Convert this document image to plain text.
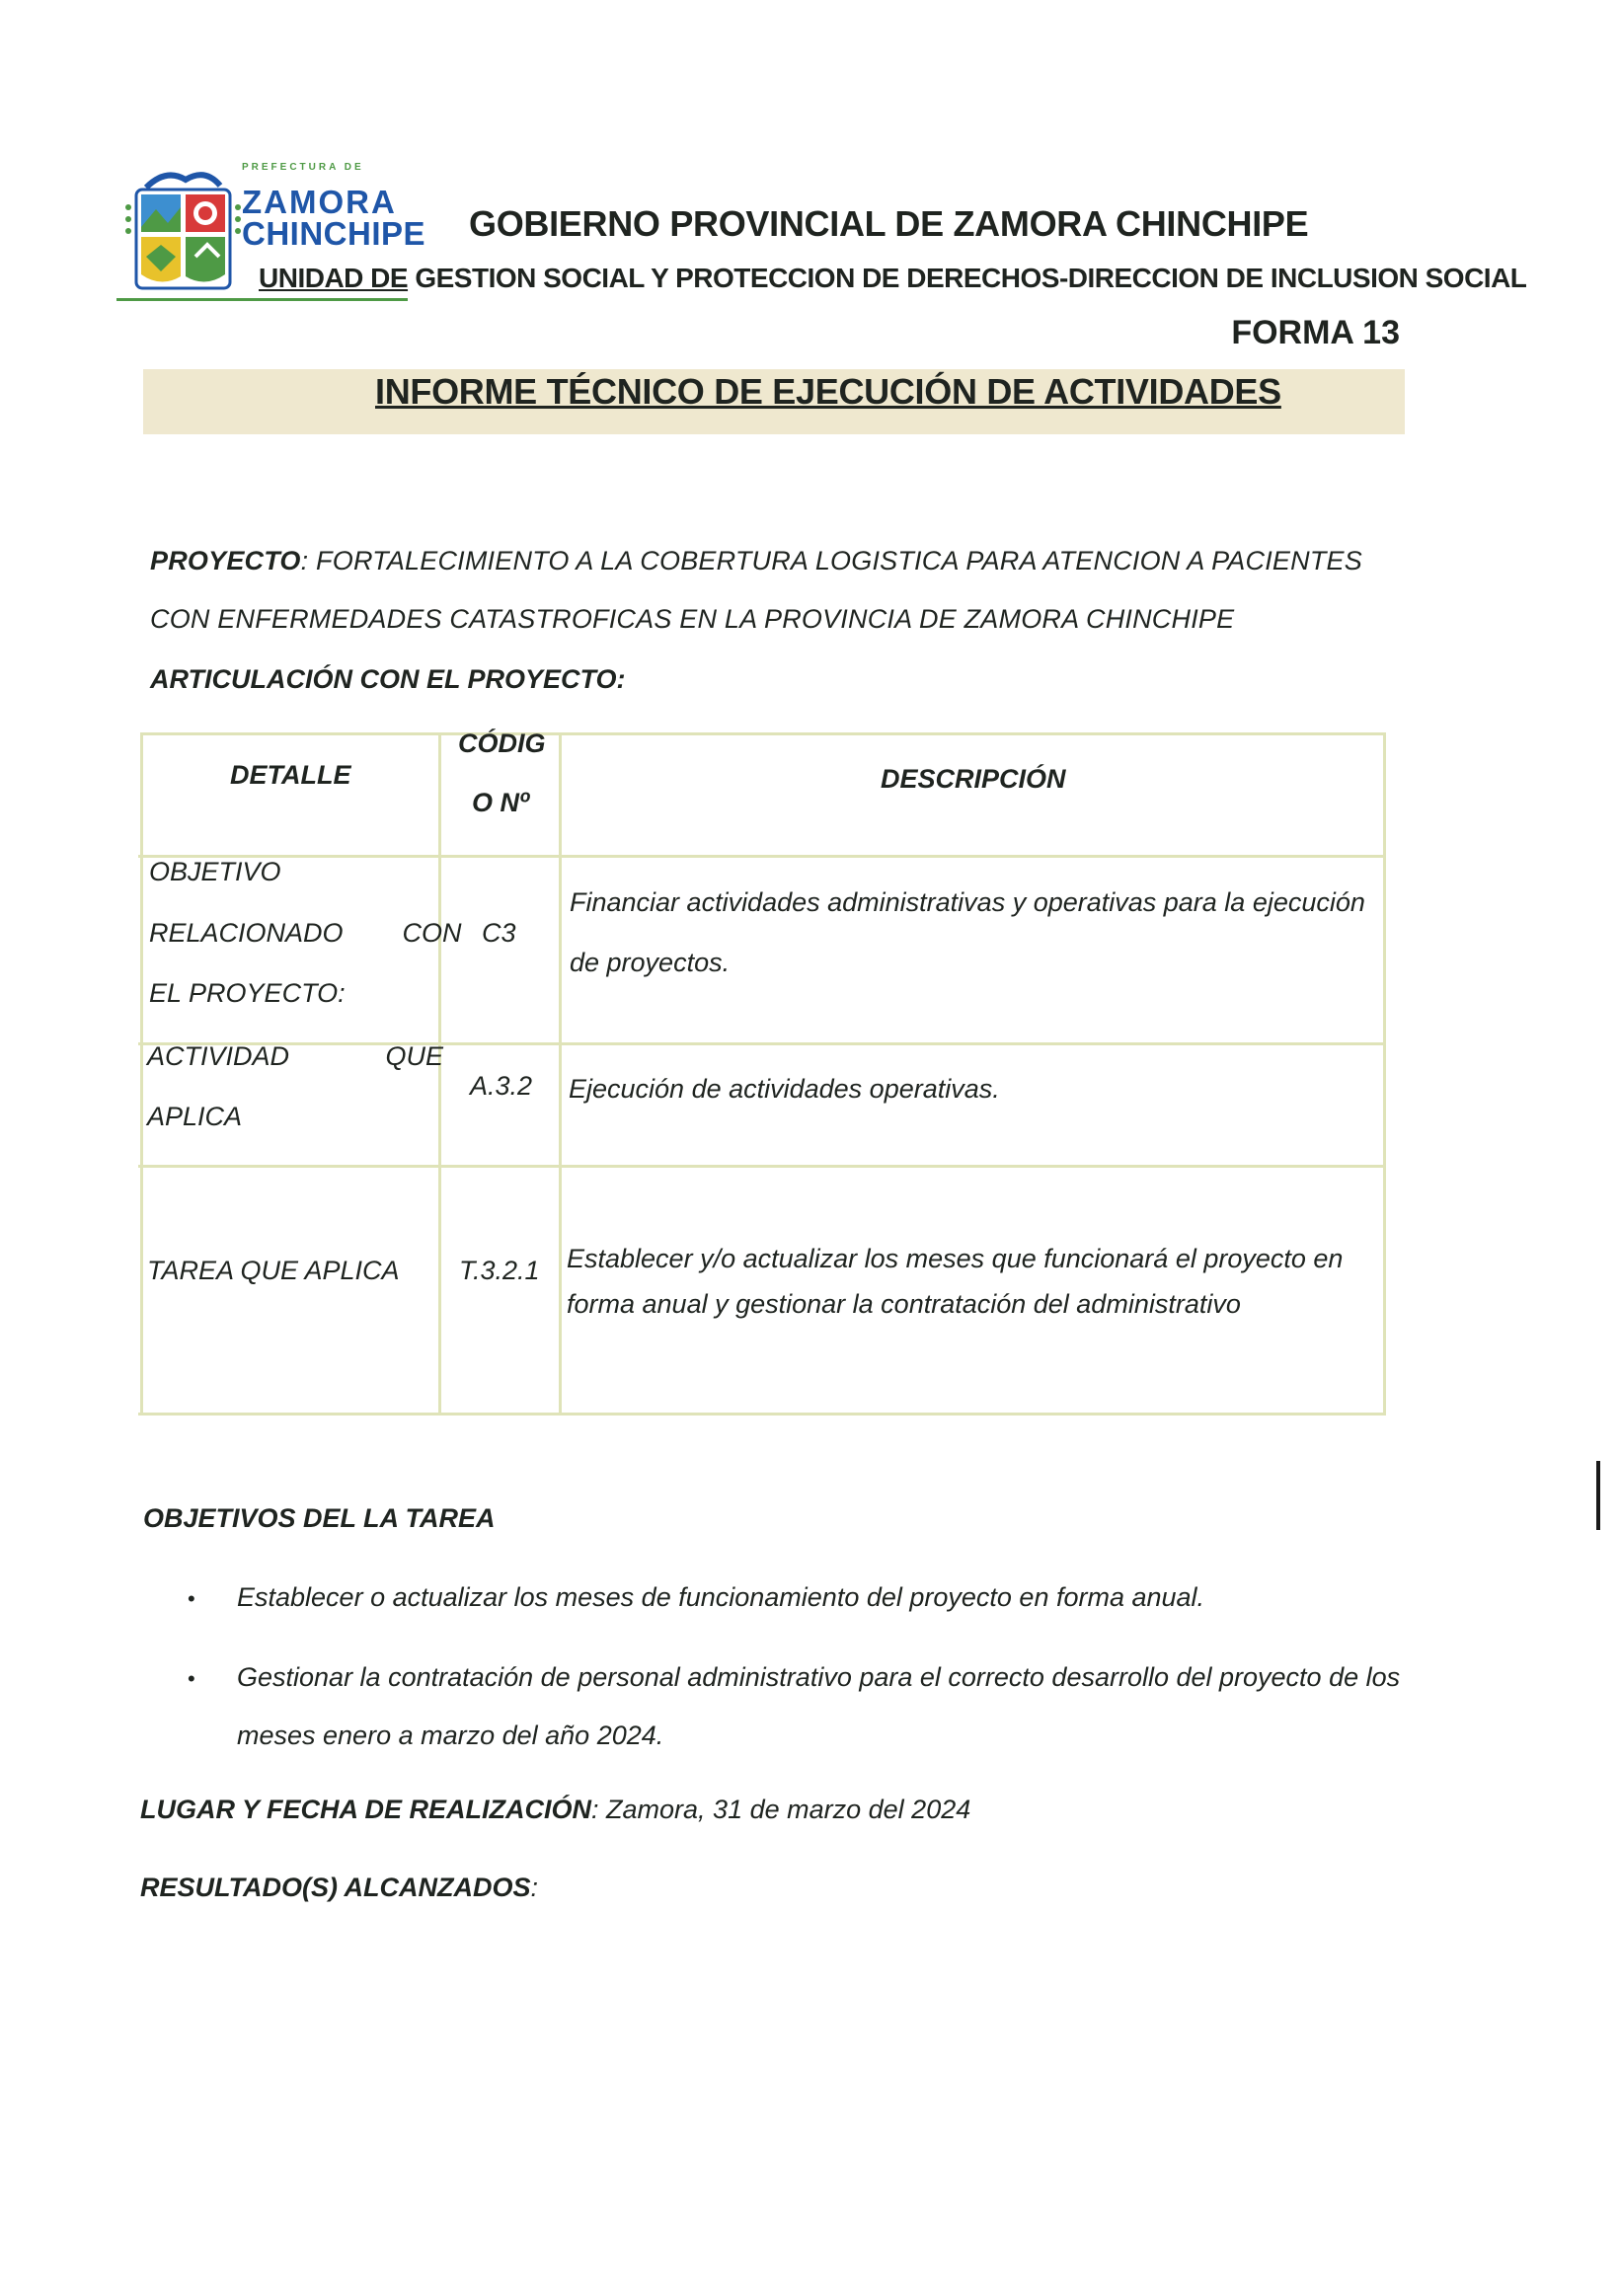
PREFECTURA DE
ZAMORA
CHINCHIPE GOBIERNO PROVINCIAL DE ZAMORA CHINCHIPE
UNIDAD DE GESTION SOCIAL Y PROTECCION DE DERECHOS-DIRECCION DE INCLUSION SOCIAL
FORMA 13
INFORME TÉCNICO DE EJECUCIÓN DE ACTIVIDADES
PROYECTO: FORTALECIMIENTO A LA COBERTURA LOGISTICA PARA ATENCION A PACIENTES
CON ENFERMEDADES CATASTROFICAS EN LA PROVINCIA DE ZAMORA CHINCHIPE
ARTICULACIÓN CON EL PROYECTO:
DETALLE
CÓDIG
O Nº
DESCRIPCIÓN
OBJETIVO
RELACIONADO        CON
EL PROYECTO:
C3
Financiar actividades administrativas y operativas para la ejecución
de proyectos.
ACTIVIDAD             QUE
APLICA
A.3.2 Ejecución de actividades operativas.
TAREA QUE APLICA T.3.2.1 Establecer y/o actualizar los meses que funcionará el proyecto en
forma anual y gestionar la contratación del administrativo
OBJETIVOS DEL LA TAREA
• Establecer o actualizar los meses de funcionamiento del proyecto en forma anual.
• Gestionar la contratación de personal administrativo para el correcto desarrollo del proyecto de los
meses enero a marzo del año 2024.
LUGAR Y FECHA DE REALIZACIÓN: Zamora, 31 de marzo del 2024
RESULTADO(S) ALCANZADOS:
